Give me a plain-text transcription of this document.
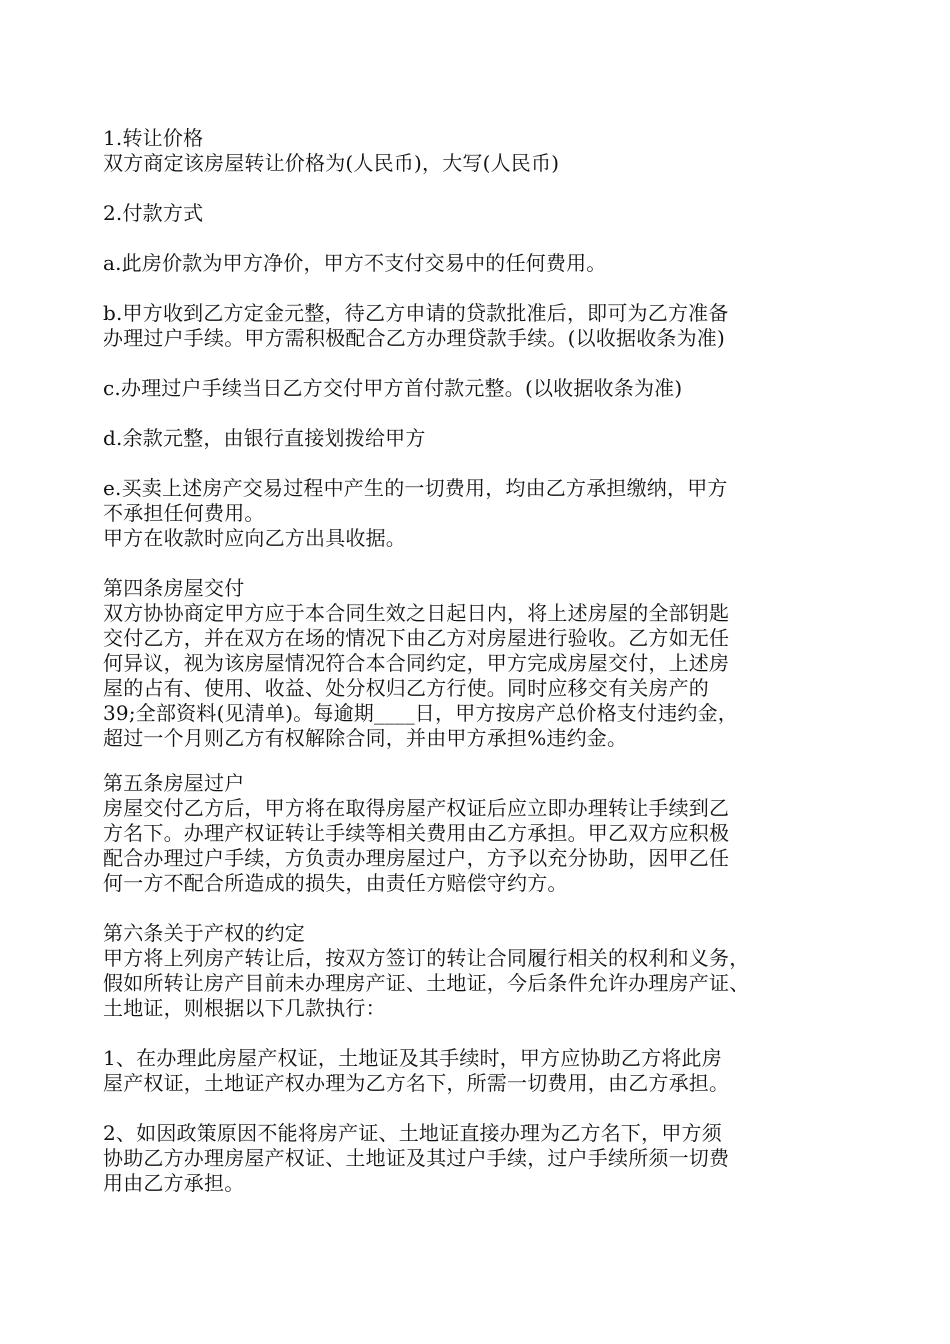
1.转让价格
双方商定该房屋转让价格为(人民币)，大写(人民币)
2.付款方式
a.此房价款为甲方净价，甲方不支付交易中的任何费用。
b.甲方收到乙方定金元整，待乙方申请的贷款批准后，即可为乙方准备
办理过户手续。甲方需积极配合乙方办理贷款手续。(以收据收条为准)
c.办理过户手续当日乙方交付甲方首付款元整。(以收据收条为准)
d.余款元整，由银行直接划拨给甲方
e.买卖上述房产交易过程中产生的一切费用，均由乙方承担缴纳，甲方
不承担任何费用。
甲方在收款时应向乙方出具收据。
第四条房屋交付
双方协协商定甲方应于本合同生效之日起日内，将上述房屋的全部钥匙
交付乙方，并在双方在场的情况下由乙方对房屋进行验收。乙方如无任
何异议，视为该房屋情况符合本合同约定，甲方完成房屋交付，上述房
屋的占有、使用、收益、处分权归乙方行使。同时应移交有关房产的
39;全部资料(见清单)。每逾期____日，甲方按房产总价格支付违约金，
超过一个月则乙方有权解除合同，并由甲方承担%违约金。
第五条房屋过户
房屋交付乙方后，甲方将在取得房屋产权证后应立即办理转让手续到乙
方名下。办理产权证转让手续等相关费用由乙方承担。甲乙双方应积极
配合办理过户手续，方负责办理房屋过户，方予以充分协助，因甲乙任
何一方不配合所造成的损失，由责任方赔偿守约方。
第六条关于产权的约定
甲方将上列房产转让后，按双方签订的转让合同履行相关的权利和义务，
假如所转让房产目前未办理房产证、土地证，今后条件允许办理房产证、
土地证，则根据以下几款执行：
1、在办理此房屋产权证，土地证及其手续时，甲方应协助乙方将此房
屋产权证，土地证产权办理为乙方名下，所需一切费用，由乙方承担。
2、如因政策原因不能将房产证、土地证直接办理为乙方名下，甲方须
协助乙方办理房屋产权证、土地证及其过户手续，过户手续所须一切费
用由乙方承担。
